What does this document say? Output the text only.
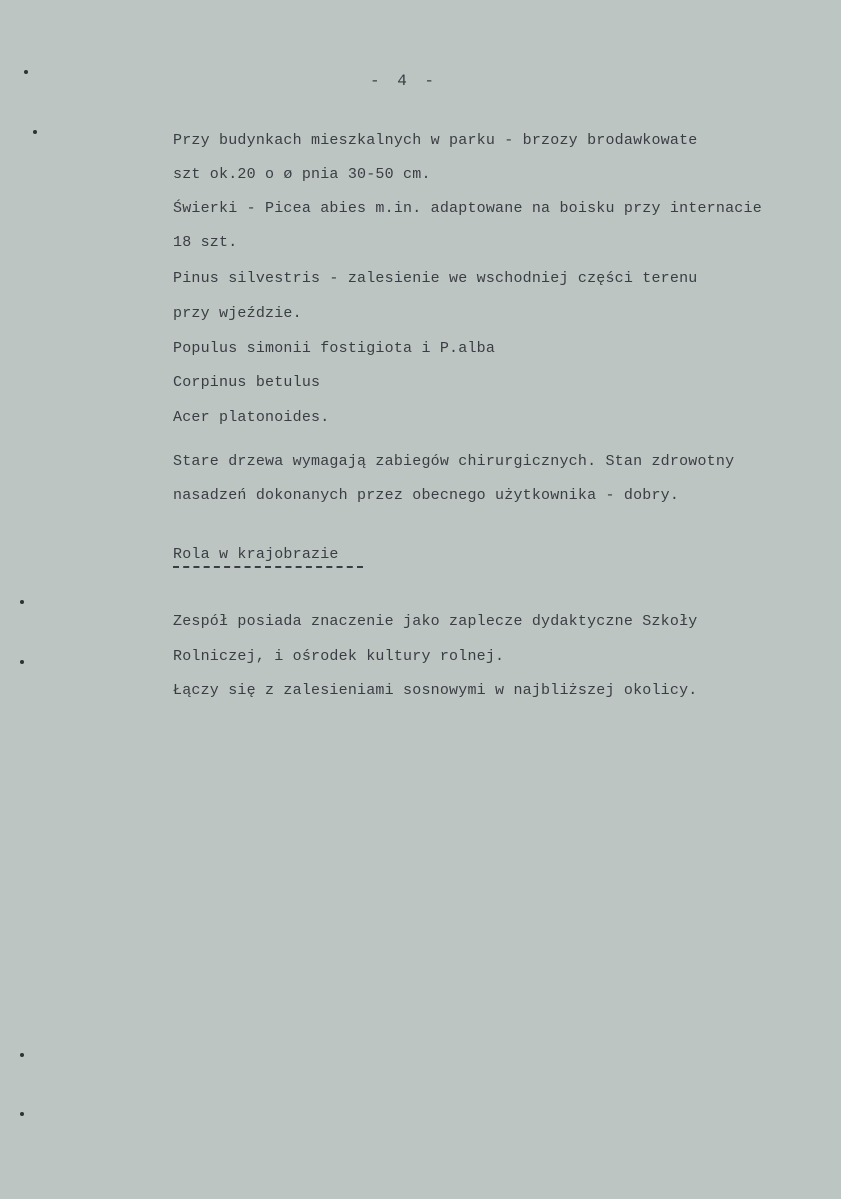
- 4 -
Przy budynkach mieszkalnych w parku - brzozy brodawkowate
szt ok.20 o ø pnia 30-50 cm.
Świerki - Picea abies m.in. adaptowane na boisku przy internacie
18 szt.
Pinus silvestris - zalesienie we wschodniej części terenu
przy wjeździe.
Populus simonii fostigiota i P.alba
Corpinus betulus
Acer platonoides.
Stare drzewa wymagają zabiegów chirurgicznych. Stan zdrowotny
nasadzeń dokonanych przez obecnego użytkownika - dobry.
Rola w krajobrazie
Zespół posiada znaczenie jako zaplecze dydaktyczne Szkoły
Rolniczej, i ośrodek kultury rolnej.
Łączy się z zalesieniami sosnowymi w najbliższej okolicy.
